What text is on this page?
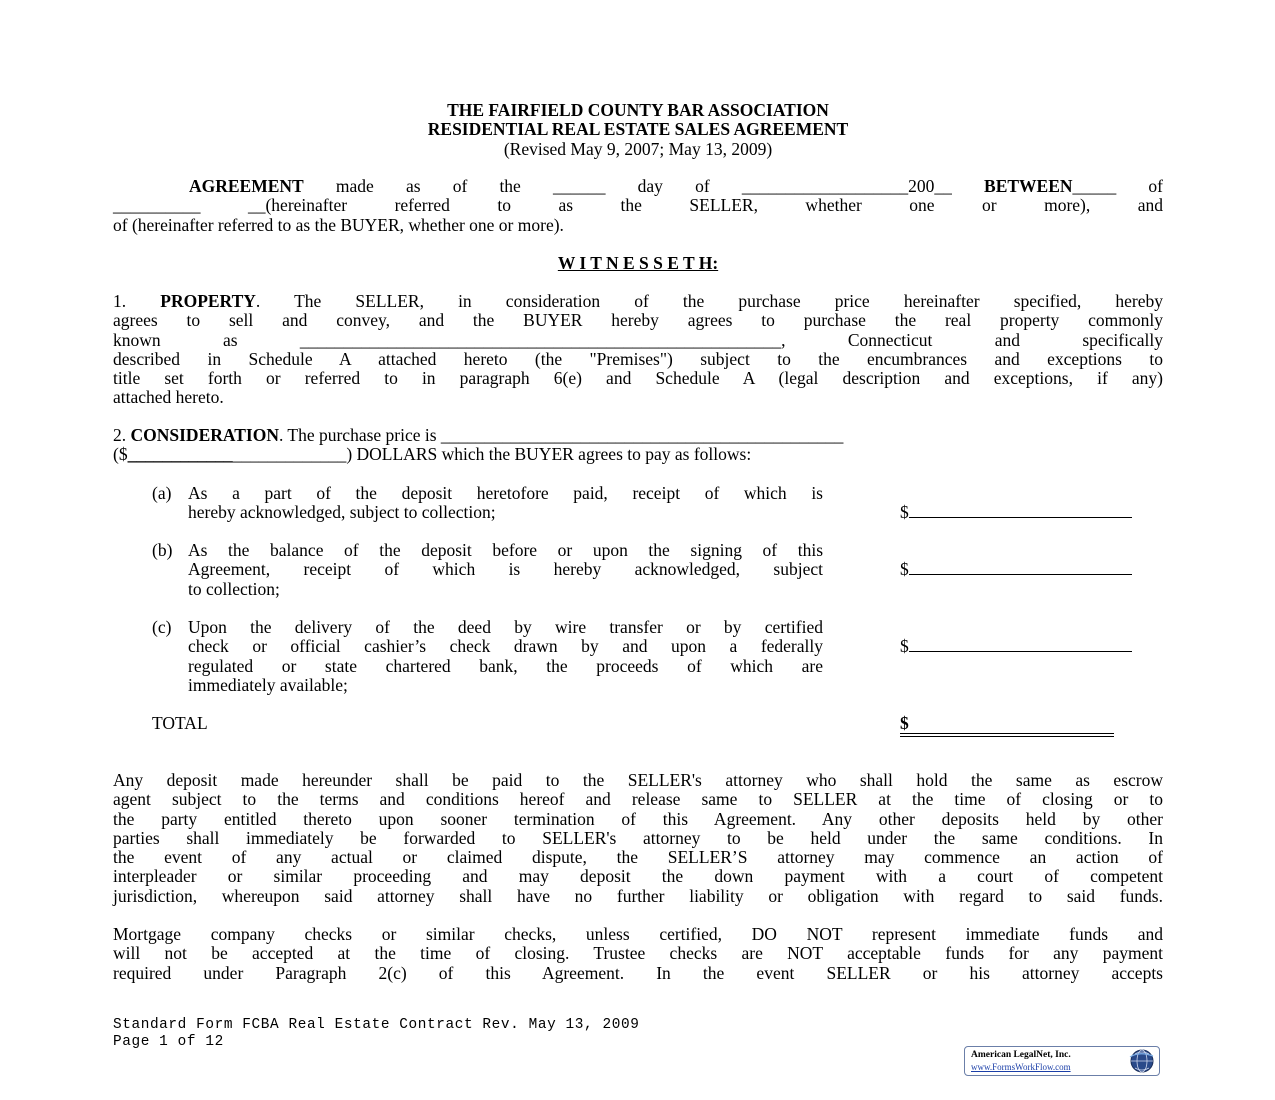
THE FAIRFIELD COUNTY BAR ASSOCIATION
RESIDENTIAL REAL ESTATE SALES AGREEMENT
(Revised May 9, 2007; May 13, 2009)
AGREEMENT made as of the ______ day of ___________________200__ BETWEEN_____ of
__________ __(hereinafter referred to as the SELLER, whether one or more), and
of (hereinafter referred to as the BUYER, whether one or more).
W I T N E S S E T H:
1. PROPERTY. The SELLER, in consideration of the purchase price hereinafter specified, hereby
agrees to sell and convey, and the BUYER hereby agrees to purchase the real property commonly
known as _______________________________________________________, Connecticut and specifically
described in Schedule A attached hereto (the "Premises") subject to the encumbrances and exceptions to
title set forth or referred to in paragraph 6(e) and Schedule A (legal description and exceptions, if any)
attached hereto.
2. CONSIDERATION. The purchase price is ______________________________________________
($_________________________) DOLLARS which the BUYER agrees to pay as follows:
(a) As a part of the deposit heretofore paid, receipt of which is
hereby acknowledged, subject to collection;	$
(b) As the balance of the deposit before or upon the signing of this
Agreement, receipt of which is hereby acknowledged, subject
to collection;
$
(c) Upon the delivery of the deed by wire transfer or by certified
check or official cashier’s check drawn by and upon a federally
regulated or state chartered bank, the proceeds of which are
immediately available;
$
TOTAL	$
Any deposit made hereunder shall be paid to the SELLER's attorney who shall hold the same as escrow
agent subject to the terms and conditions hereof and release same to SELLER at the time of closing or to
the party entitled thereto upon sooner termination of this Agreement. Any other deposits held by other
parties shall immediately be forwarded to SELLER's attorney to be held under the same conditions. In
the event of any actual or claimed dispute, the SELLER’S attorney may commence an action of
interpleader or similar proceeding and may deposit the down payment with a court of competent
jurisdiction, whereupon said attorney shall have no further liability or obligation with regard to said funds.
Mortgage company checks or similar checks, unless certified, DO NOT represent immediate funds and
will not be accepted at the time of closing. Trustee checks are NOT acceptable funds for any payment
required under Paragraph 2(c) of this Agreement. In the event SELLER or his attorney accepts
Standard Form FCBA Real Estate Contract Rev. May 13, 2009
Page 1 of 12
American LegalNet, Inc.
www.FormsWorkFlow.com
